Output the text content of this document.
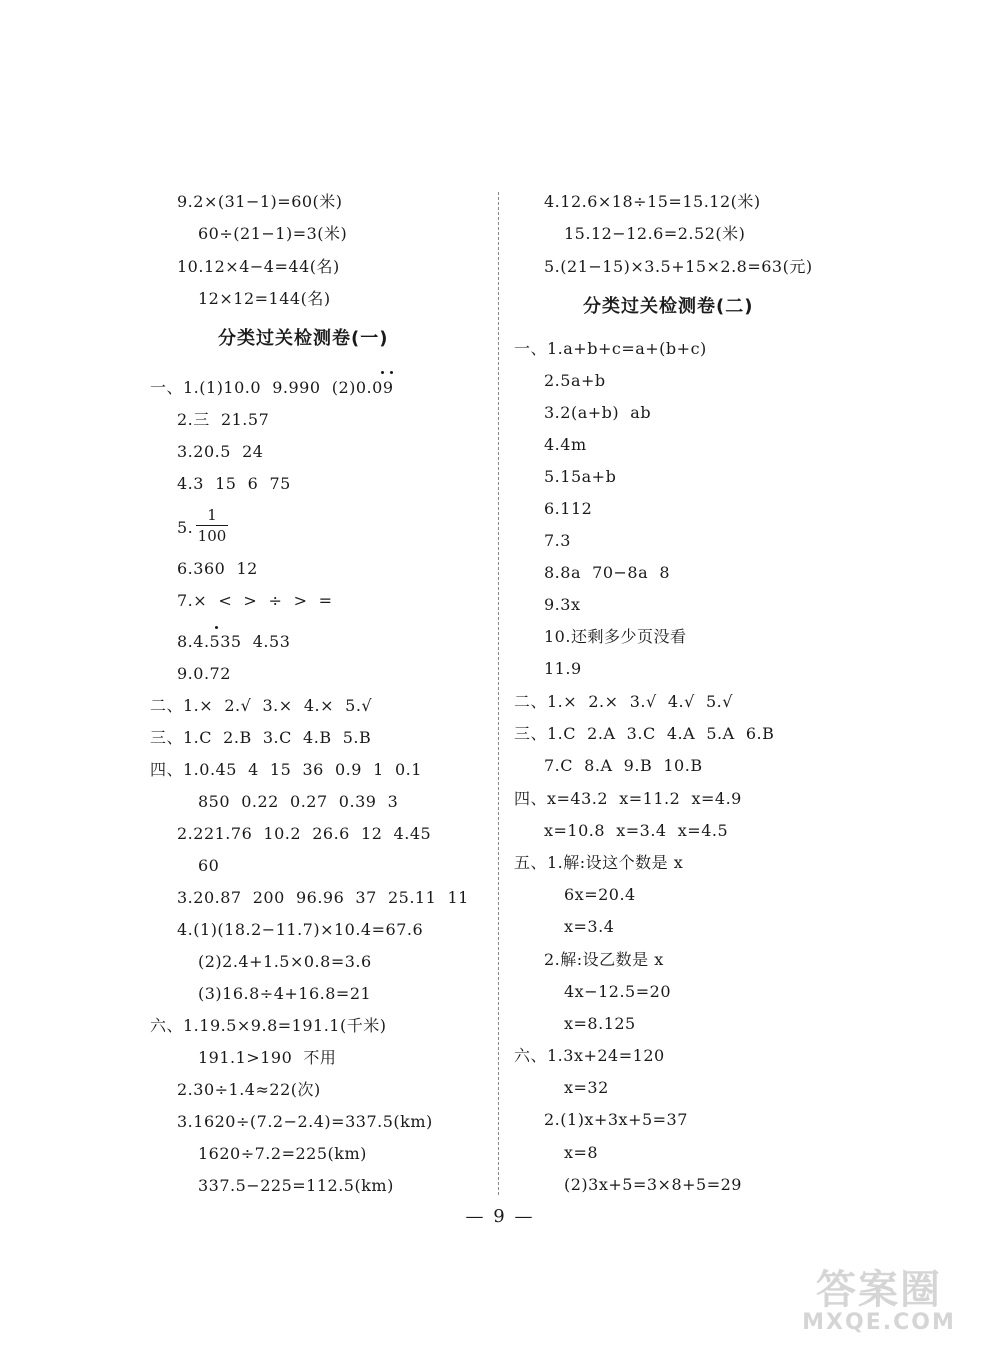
9.2×(31−1)=60(米)
60÷(21−1)=3(米)
10.12×4−4=44(名)
12×12=144(名)
分类过关检测卷(一)
一、1.(1)10.0  9.990  (2)0.09
2.三  21.57
3.20.5  24
4.3  15  6  75
5.
1
100
6.360  12
7.×  <  >  ÷  >  =
8.4.535  4.53
9.0.72
二、1.×  2.√  3.×  4.×  5.√
三、1.C  2.B  3.C  4.B  5.B
四、1.0.45  4  15  36  0.9  1  0.1
850  0.22  0.27  0.39  3
2.221.76  10.2  26.6  12  4.45
60
3.20.87  200  96.96  37  25.11  11
4.(1)(18.2−11.7)×10.4=67.6
(2)2.4+1.5×0.8=3.6
(3)16.8÷4+16.8=21
六、1.19.5×9.8=191.1(千米)
191.1>190  不用
2.30÷1.4≈22(次)
3.1620÷(7.2−2.4)=337.5(km)
1620÷7.2=225(km)
337.5−225=112.5(km)
4.12.6×18÷15=15.12(米)
15.12−12.6=2.52(米)
5.(21−15)×3.5+15×2.8=63(元)
分类过关检测卷(二)
一、1.a+b+c=a+(b+c)
2.5a+b
3.2(a+b)  ab
4.4m
5.15a+b
6.112
7.3
8.8a  70−8a  8
9.3x
10.还剩多少页没看
11.9
二、1.×  2.×  3.√  4.√  5.√
三、1.C  2.A  3.C  4.A  5.A  6.B
7.C  8.A  9.B  10.B
四、x=43.2  x=11.2  x=4.9
x=10.8  x=3.4  x=4.5
五、1.解:设这个数是 x
6x=20.4
x=3.4
2.解:设乙数是 x
4x−12.5=20
x=8.125
六、1.3x+24=120
x=32
2.(1)x+3x+5=37
x=8
(2)3x+5=3×8+5=29
— 9 —
答案圈
MXQE.COM
